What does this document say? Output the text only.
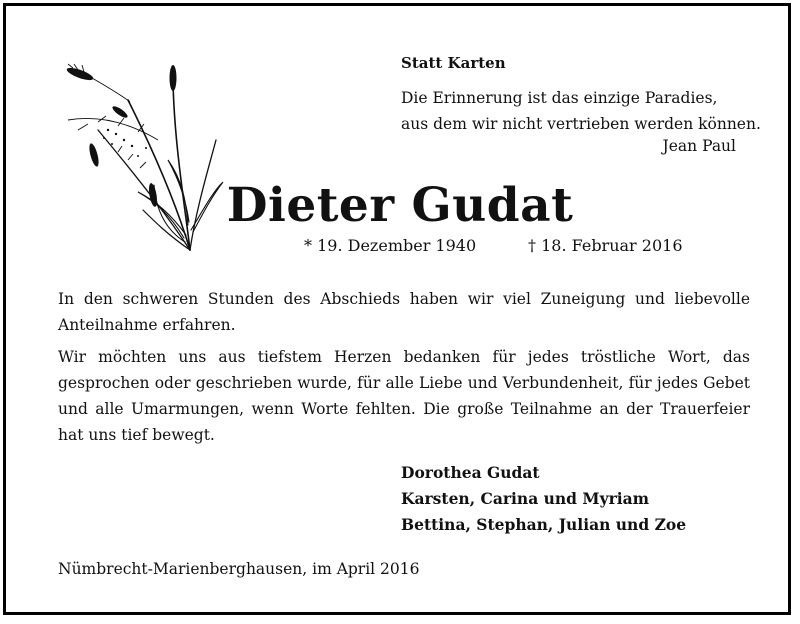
Statt Karten
Die Erinnerung ist das einzige Paradies,
aus dem wir nicht vertrieben werden können.
Jean Paul
Dieter Gudat
* 19. Dezember 1940	† 18. Februar 2016
In den schweren Stunden des Abschieds haben wir viel Zuneigung und liebevolle Anteilnahme erfahren.
Wir möchten uns aus tiefstem Herzen bedanken für jedes tröstliche Wort, das gesprochen oder geschrieben wurde, für alle Liebe und Verbundenheit, für jedes Gebet und alle Umarmungen, wenn Worte fehlten. Die große Teilnahme an der Trauerfeier hat uns tief bewegt.
Dorothea Gudat
Karsten, Carina und Myriam
Bettina, Stephan, Julian und Zoe
Nümbrecht-Marienberghausen, im April 2016
